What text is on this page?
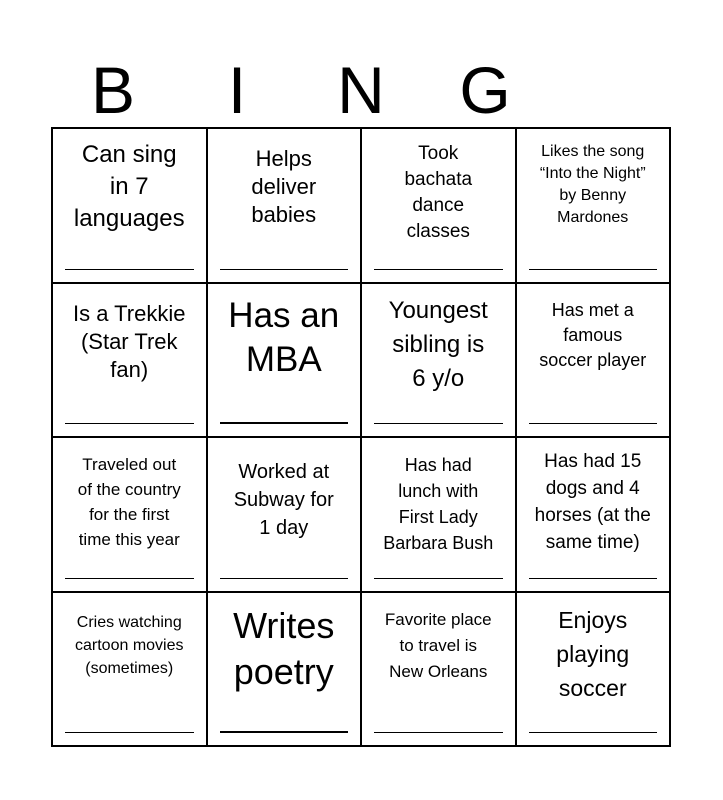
B	I	N	G
Can sing
in 7
languages
Helps
deliver
babies
Took
bachata
dance
classes
Likes the song
“Into the Night”
by Benny
Mardones
Is a Trekkie
(Star Trek
fan)
Has an
MBA
Youngest
sibling is
6 y/o
Has met a
famous
soccer player
Traveled out
of the country
for the first
time this year
Worked at
Subway for
1 day
Has had
lunch with
First Lady
Barbara Bush
Has had 15
dogs and 4
horses (at the
same time)
Cries watching
cartoon movies
(sometimes)
Writes
poetry
Favorite place
to travel is
New Orleans
Enjoys
playing
soccer
